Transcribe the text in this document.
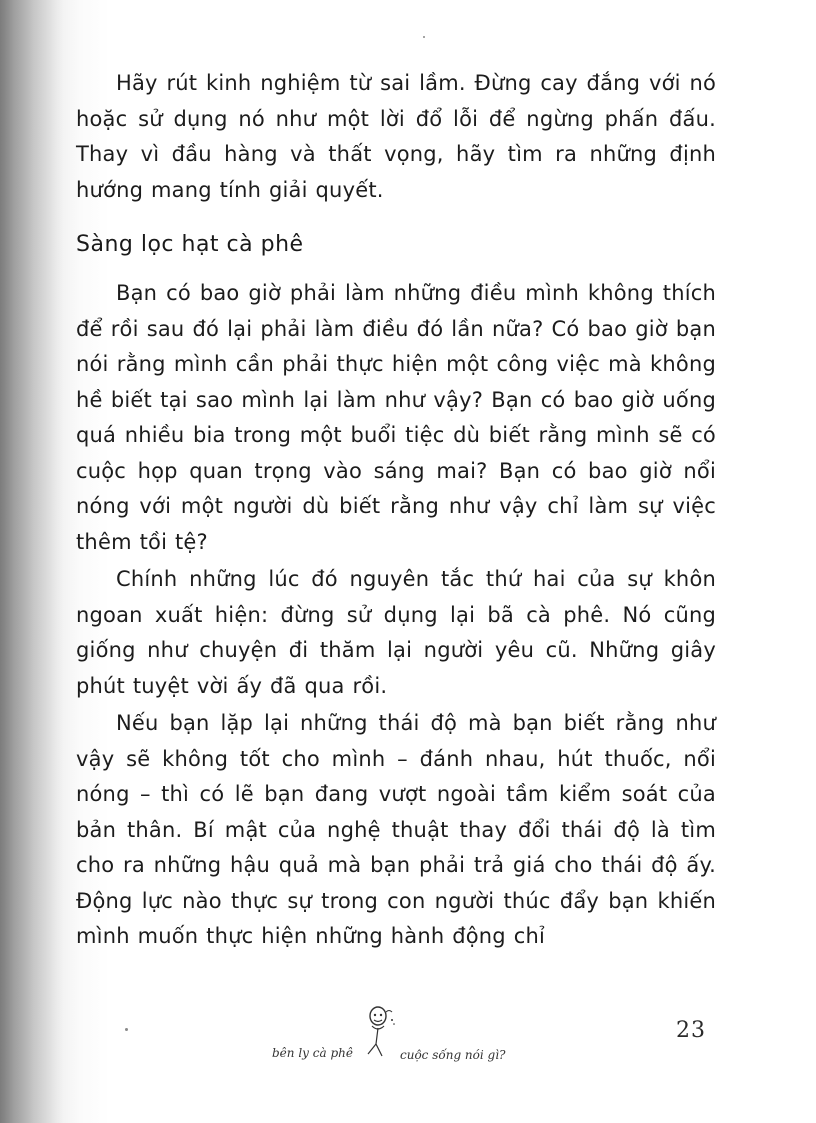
Hãy rút kinh nghiệm từ sai lầm. Đừng cay đắng với nó hoặc sử dụng nó như một lời đổ lỗi để ngừng phấn đấu. Thay vì đầu hàng và thất vọng, hãy tìm ra những định hướng mang tính giải quyết.

Sàng lọc hạt cà phê

Bạn có bao giờ phải làm những điều mình không thích để rồi sau đó lại phải làm điều đó lần nữa? Có bao giờ bạn nói rằng mình cần phải thực hiện một công việc mà không hề biết tại sao mình lại làm như vậy? Bạn có bao giờ uống quá nhiều bia trong một buổi tiệc dù biết rằng mình sẽ có cuộc họp quan trọng vào sáng mai? Bạn có bao giờ nổi nóng với một người dù biết rằng như vậy chỉ làm sự việc thêm tồi tệ?

Chính những lúc đó nguyên tắc thứ hai của sự khôn ngoan xuất hiện: đừng sử dụng lại bã cà phê. Nó cũng giống như chuyện đi thăm lại người yêu cũ. Những giây phút tuyệt vời ấy đã qua rồi.

Nếu bạn lặp lại những thái độ mà bạn biết rằng như vậy sẽ không tốt cho mình – đánh nhau, hút thuốc, nổi nóng – thì có lẽ bạn đang vượt ngoài tầm kiểm soát của bản thân. Bí mật của nghệ thuật thay đổi thái độ là tìm cho ra những hậu quả mà bạn phải trả giá cho thái độ ấy. Động lực nào thực sự trong con người thúc đẩy bạn khiến mình muốn thực hiện những hành động chỉ

23
bên ly cà phê	cuộc sống nói gì?
